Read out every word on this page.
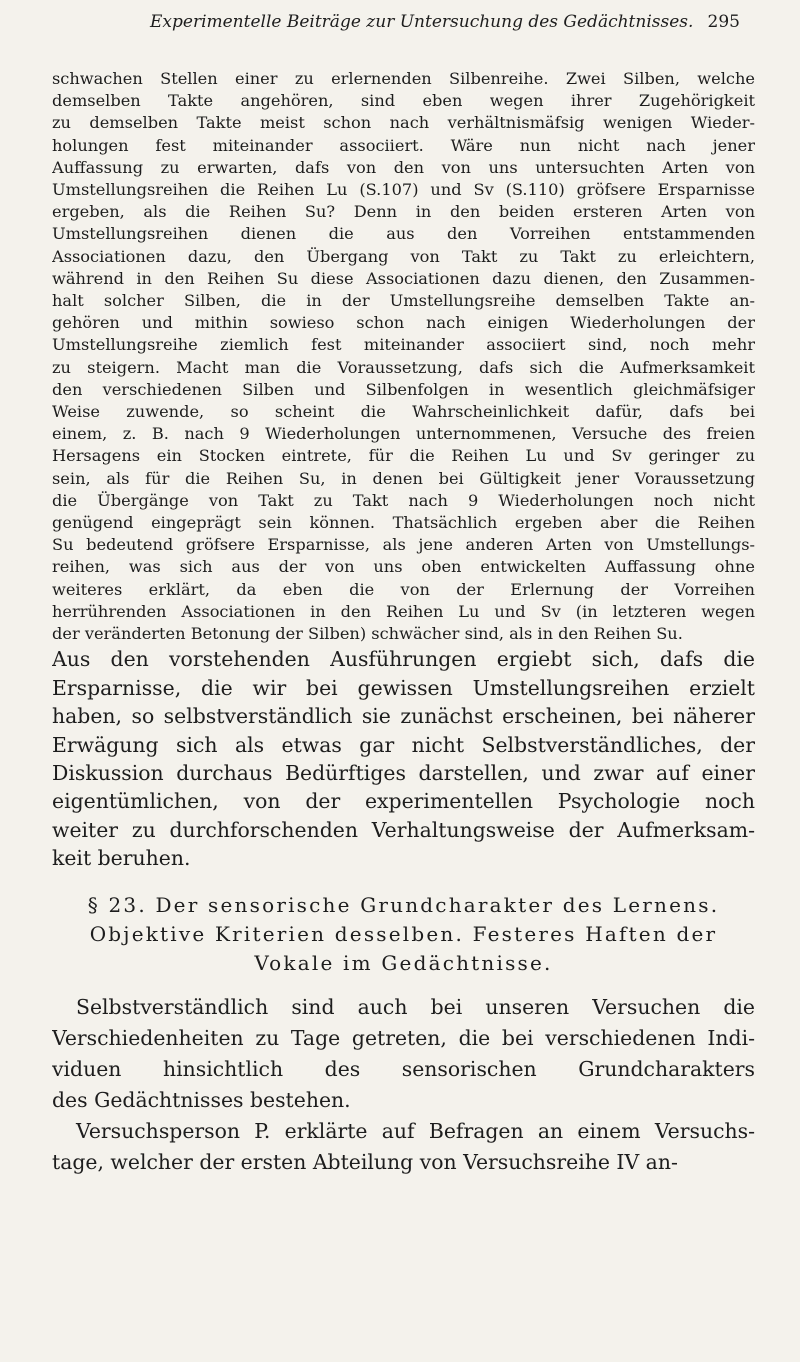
Experimentelle Beiträge zur Untersuchung des Gedächtnisses. 295

schwachen Stellen einer zu erlernenden Silbenreihe. Zwei Silben, welche

demselben Takte angehören, sind eben wegen ihrer Zugehörigkeit

zu demselben Takte meist schon nach verhältnismäfsig wenigen Wieder-

holungen fest miteinander associiert. Wäre nun nicht nach jener

Auffassung zu erwarten, dafs von den von uns untersuchten Arten von

Umstellungsreihen die Reihen Lu (S.107) und Sv (S.110) gröfsere Ersparnisse

ergeben, als die Reihen Su? Denn in den beiden ersteren Arten von

Umstellungsreihen dienen die aus den Vorreihen entstammenden

Associationen dazu, den Übergang von Takt zu Takt zu erleichtern,

während in den Reihen Su diese Associationen dazu dienen, den Zusammen-

halt solcher Silben, die in der Umstellungsreihe demselben Takte an-

gehören und mithin sowieso schon nach einigen Wiederholungen der

Umstellungsreihe ziemlich fest miteinander associiert sind, noch mehr

zu steigern. Macht man die Voraussetzung, dafs sich die Aufmerksamkeit

den verschiedenen Silben und Silbenfolgen in wesentlich gleichmäfsiger

Weise zuwende, so scheint die Wahrscheinlichkeit dafür, dafs bei

einem, z. B. nach 9 Wiederholungen unternommenen, Versuche des freien

Hersagens ein Stocken eintrete, für die Reihen Lu und Sv geringer zu

sein, als für die Reihen Su, in denen bei Gültigkeit jener Voraussetzung

die Übergänge von Takt zu Takt nach 9 Wiederholungen noch nicht

genügend eingeprägt sein können. Thatsächlich ergeben aber die Reihen

Su bedeutend gröfsere Ersparnisse, als jene anderen Arten von Umstellungs-

reihen, was sich aus der von uns oben entwickelten Auffassung ohne

weiteres erklärt, da eben die von der Erlernung der Vorreihen

herrührenden Associationen in den Reihen Lu und Sv (in letzteren wegen

der veränderten Betonung der Silben) schwächer sind, als in den Reihen Su.

Aus den vorstehenden Ausführungen ergiebt sich, dafs die

Ersparnisse, die wir bei gewissen Umstellungsreihen erzielt

haben, so selbstverständlich sie zunächst erscheinen, bei näherer

Erwägung sich als etwas gar nicht Selbstverständliches, der

Diskussion durchaus Bedürftiges darstellen, und zwar auf einer

eigentümlichen, von der experimentellen Psychologie noch

weiter zu durchforschenden Verhaltungsweise der Aufmerksam-

keit beruhen.

§ 23. Der sensorische Grundcharakter des Lernens.

Objektive Kriterien desselben. Festeres Haften der

Vokale im Gedächtnisse.

Selbstverständlich sind auch bei unseren Versuchen die

Verschiedenheiten zu Tage getreten, die bei verschiedenen Indi-

viduen hinsichtlich des sensorischen Grundcharakters

des Gedächtnisses bestehen.

Versuchsperson P. erklärte auf Befragen an einem Versuchs-

tage, welcher der ersten Abteilung von Versuchsreihe IV an-
